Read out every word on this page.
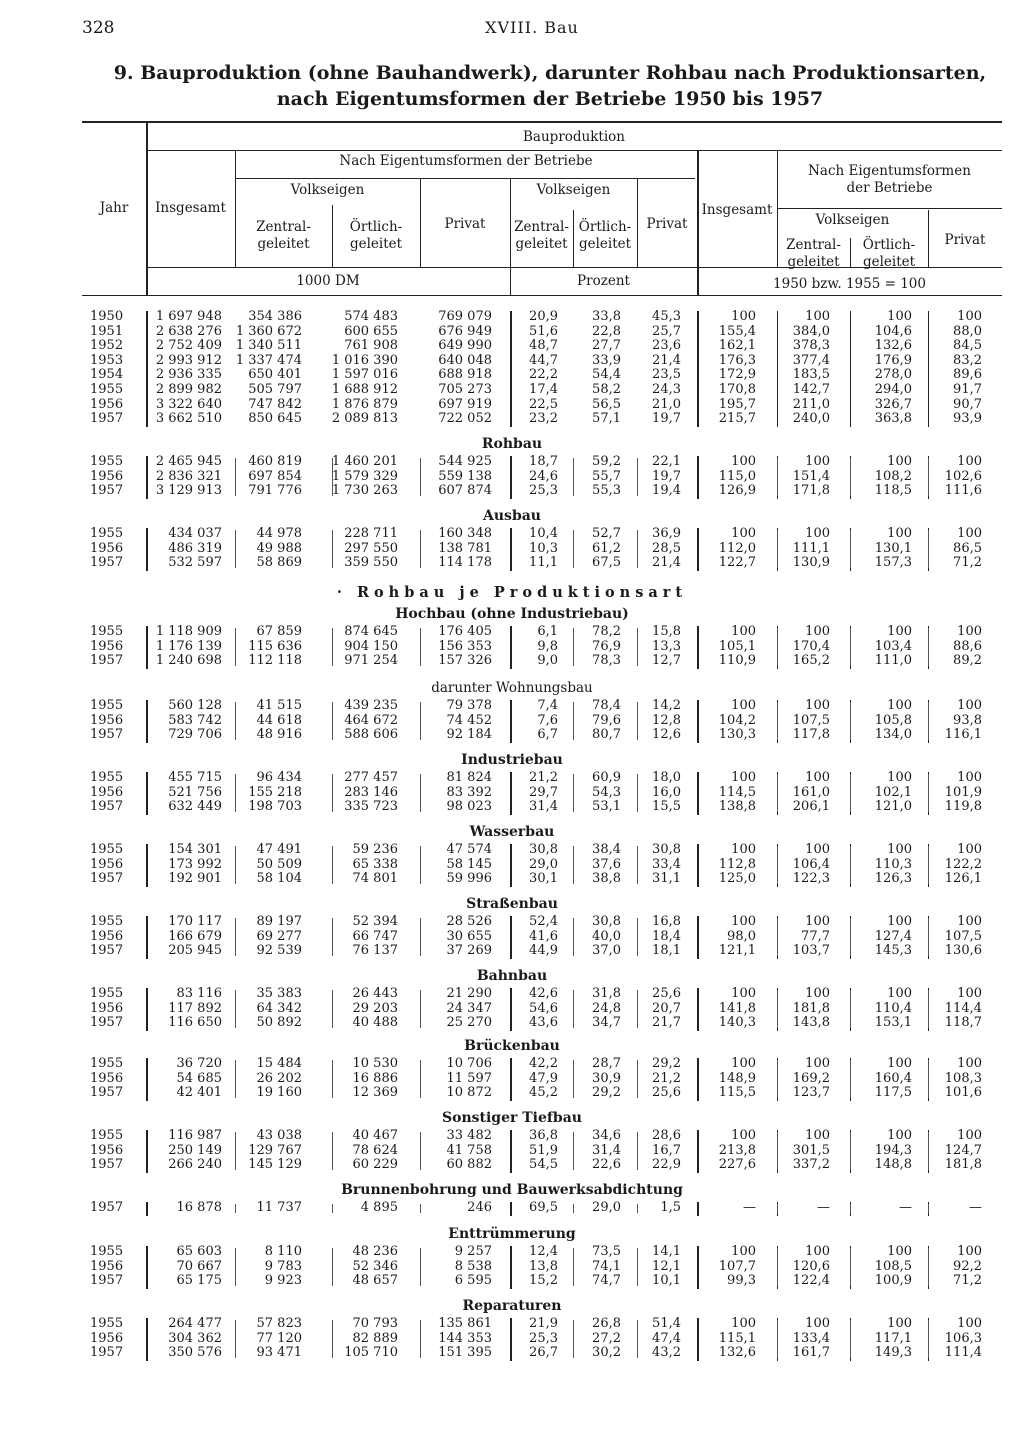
328	XVIII. Bau
9. Bauproduktion (ohne Bauhandwerk), darunter Rohbau nach Produktionsarten,
nach Eigentumsformen der Betriebe 1950 bis 1957
Jahr
Bauproduktion
Nach Eigentumsformen der Betriebe
Nach Eigentumsformen
der Betriebe
Volkseigen	Volkseigen
Volkseigen
Insgesamt	Insgesamt
Zentral-
geleitet
Örtlich-
geleitet
Privat	Zentral-
geleitet
Örtlich-
geleitet
Privat
Zentral-
geleitet
Örtlich-
geleitet
Privat
1000 DM	Prozent	1950 bzw. 1955 = 100
1950	1 697 948	354 386	574 483	769 079	20,9	33,8	45,3	100	100	100	100
1951	2 638 276	1 360 672	600 655	676 949	51,6	22,8	25,7	155,4	384,0	104,6	88,0
1952	2 752 409	1 340 511	761 908	649 990	48,7	27,7	23,6	162,1	378,3	132,6	84,5
1953	2 993 912	1 337 474	1 016 390	640 048	44,7	33,9	21,4	176,3	377,4	176,9	83,2
1954	2 936 335	650 401	1 597 016	688 918	22,2	54,4	23,5	172,9	183,5	278,0	89,6
1955	2 899 982	505 797	1 688 912	705 273	17,4	58,2	24,3	170,8	142,7	294,0	91,7
1956	3 322 640	747 842	1 876 879	697 919	22,5	56,5	21,0	195,7	211,0	326,7	90,7
1957	3 662 510	850 645	2 089 813	722 052	23,2	57,1	19,7	215,7	240,0	363,8	93,9
Rohbau
1955	2 465 945	460 819	1 460 201	544 925	18,7	59,2	22,1	100	100	100	100
1956	2 836 321	697 854	1 579 329	559 138	24,6	55,7	19,7	115,0	151,4	108,2	102,6
1957	3 129 913	791 776	1 730 263	607 874	25,3	55,3	19,4	126,9	171,8	118,5	111,6
Ausbau
1955	434 037	44 978	228 711	160 348	10,4	52,7	36,9	100	100	100	100
1956	486 319	49 988	297 550	138 781	10,3	61,2	28,5	112,0	111,1	130,1	86,5
1957	532 597	58 869	359 550	114 178	11,1	67,5	21,4	122,7	130,9	157,3	71,2
· Rohbau je Produktionsart
Hochbau (ohne Industriebau)
1955	1 118 909	67 859	874 645	176 405	6,1	78,2	15,8	100	100	100	100
1956	1 176 139	115 636	904 150	156 353	9,8	76,9	13,3	105,1	170,4	103,4	88,6
1957	1 240 698	112 118	971 254	157 326	9,0	78,3	12,7	110,9	165,2	111,0	89,2
darunter Wohnungsbau
1955	560 128	41 515	439 235	79 378	7,4	78,4	14,2	100	100	100	100
1956	583 742	44 618	464 672	74 452	7,6	79,6	12,8	104,2	107,5	105,8	93,8
1957	729 706	48 916	588 606	92 184	6,7	80,7	12,6	130,3	117,8	134,0	116,1
Industriebau
1955	455 715	96 434	277 457	81 824	21,2	60,9	18,0	100	100	100	100
1956	521 756	155 218	283 146	83 392	29,7	54,3	16,0	114,5	161,0	102,1	101,9
1957	632 449	198 703	335 723	98 023	31,4	53,1	15,5	138,8	206,1	121,0	119,8
Wasserbau
1955	154 301	47 491	59 236	47 574	30,8	38,4	30,8	100	100	100	100
1956	173 992	50 509	65 338	58 145	29,0	37,6	33,4	112,8	106,4	110,3	122,2
1957	192 901	58 104	74 801	59 996	30,1	38,8	31,1	125,0	122,3	126,3	126,1
Straßenbau
1955	170 117	89 197	52 394	28 526	52,4	30,8	16,8	100	100	100	100
1956	166 679	69 277	66 747	30 655	41,6	40,0	18,4	98,0	77,7	127,4	107,5
1957	205 945	92 539	76 137	37 269	44,9	37,0	18,1	121,1	103,7	145,3	130,6
Bahnbau
1955	83 116	35 383	26 443	21 290	42,6	31,8	25,6	100	100	100	100
1956	117 892	64 342	29 203	24 347	54,6	24,8	20,7	141,8	181,8	110,4	114,4
1957	116 650	50 892	40 488	25 270	43,6	34,7	21,7	140,3	143,8	153,1	118,7
Brückenbau
1955	36 720	15 484	10 530	10 706	42,2	28,7	29,2	100	100	100	100
1956	54 685	26 202	16 886	11 597	47,9	30,9	21,2	148,9	169,2	160,4	108,3
1957	42 401	19 160	12 369	10 872	45,2	29,2	25,6	115,5	123,7	117,5	101,6
Sonstiger Tiefbau
1955	116 987	43 038	40 467	33 482	36,8	34,6	28,6	100	100	100	100
1956	250 149	129 767	78 624	41 758	51,9	31,4	16,7	213,8	301,5	194,3	124,7
1957	266 240	145 129	60 229	60 882	54,5	22,6	22,9	227,6	337,2	148,8	181,8
Brunnenbohrung und Bauwerksabdichtung
1957	16 878	11 737	4 895	246	69,5	29,0	1,5	—	—	—	—
Enttrümmerung
1955	65 603	8 110	48 236	9 257	12,4	73,5	14,1	100	100	100	100
1956	70 667	9 783	52 346	8 538	13,8	74,1	12,1	107,7	120,6	108,5	92,2
1957	65 175	9 923	48 657	6 595	15,2	74,7	10,1	99,3	122,4	100,9	71,2
Reparaturen
1955	264 477	57 823	70 793	135 861	21,9	26,8	51,4	100	100	100	100
1956	304 362	77 120	82 889	144 353	25,3	27,2	47,4	115,1	133,4	117,1	106,3
1957	350 576	93 471	105 710	151 395	26,7	30,2	43,2	132,6	161,7	149,3	111,4
